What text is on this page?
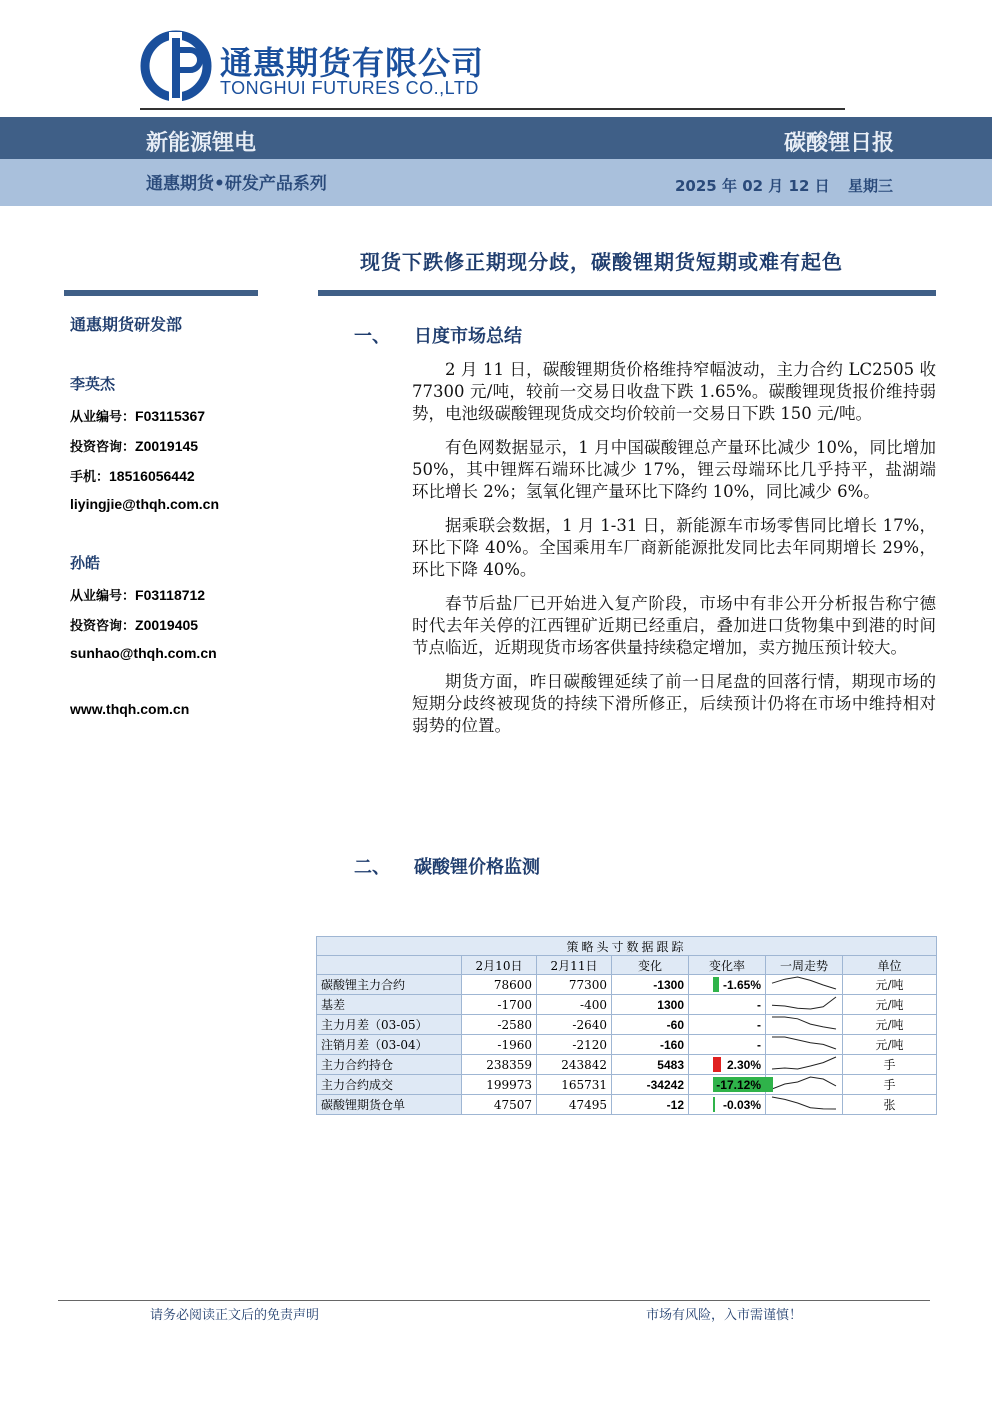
通惠期货有限公司
TONGHUI FUTURES CO.,LTD
新能源锂电	碳酸锂日报
通惠期货•研发产品系列	2025 年 02 月 12 日 星期三
现货下跌修正期现分歧，碳酸锂期货短期或难有起色
通惠期货研发部
李英杰
从业编号：F03115367
投资咨询：Z0019145
手机：18516056442
liyingjie@thqh.com.cn
孙皓
从业编号：F03118712
投资咨询：Z0019405
sunhao@thqh.com.cn
www.thqh.com.cn
一、 日度市场总结

2 月 11 日，碳酸锂期货价格维持窄幅波动，主力合约 LC2505 收 77300 元/吨，较前一交易日收盘下跌 1.65%。碳酸锂现货报价维持弱势，电池级碳酸锂现货成交均价较前一交易日下跌 150 元/吨。

有色网数据显示，1 月中国碳酸锂总产量环比减少 10%，同比增加 50%，其中锂辉石端环比减少 17%，锂云母端环比几乎持平，盐湖端环比增长 2%；氢氧化锂产量环比下降约 10%，同比减少 6%。

据乘联会数据，1 月 1-31 日，新能源车市场零售同比增长 17%，环比下降 40%。全国乘用车厂商新能源批发同比去年同期增长 29%，环比下降 40%。

春节后盐厂已开始进入复产阶段，市场中有非公开分析报告称宁德时代去年关停的江西锂矿近期已经重启，叠加进口货物集中到港的时间节点临近，近期现货市场客供量持续稳定增加，卖方抛压预计较大。

期货方面，昨日碳酸锂延续了前一日尾盘的回落行情，期现市场的短期分歧终被现货的持续下滑所修正，后续预计仍将在市场中维持相对弱势的位置。

二、 碳酸锂价格监测
策略头寸数据跟踪						
	2月10日	2月11日	变化	变化率	一周走势	单位
碳酸锂主力合约	78600	77300	-1300	-1.65%		元/吨
基差	-1700	-400	1300	-		元/吨
主力月差（03-05）	-2580	-2640	-60	-		元/吨
注销月差（03-04）	-1960	-2120	-160	-		元/吨
主力合约持仓	238359	243842	5483	2.30%		手
主力合约成交	199973	165731	-34242	-17.12%		手
碳酸锂期货仓单	47507	47495	-12	-0.03%		张
请务必阅读正文后的免责声明	市场有风险，入市需谨慎！
